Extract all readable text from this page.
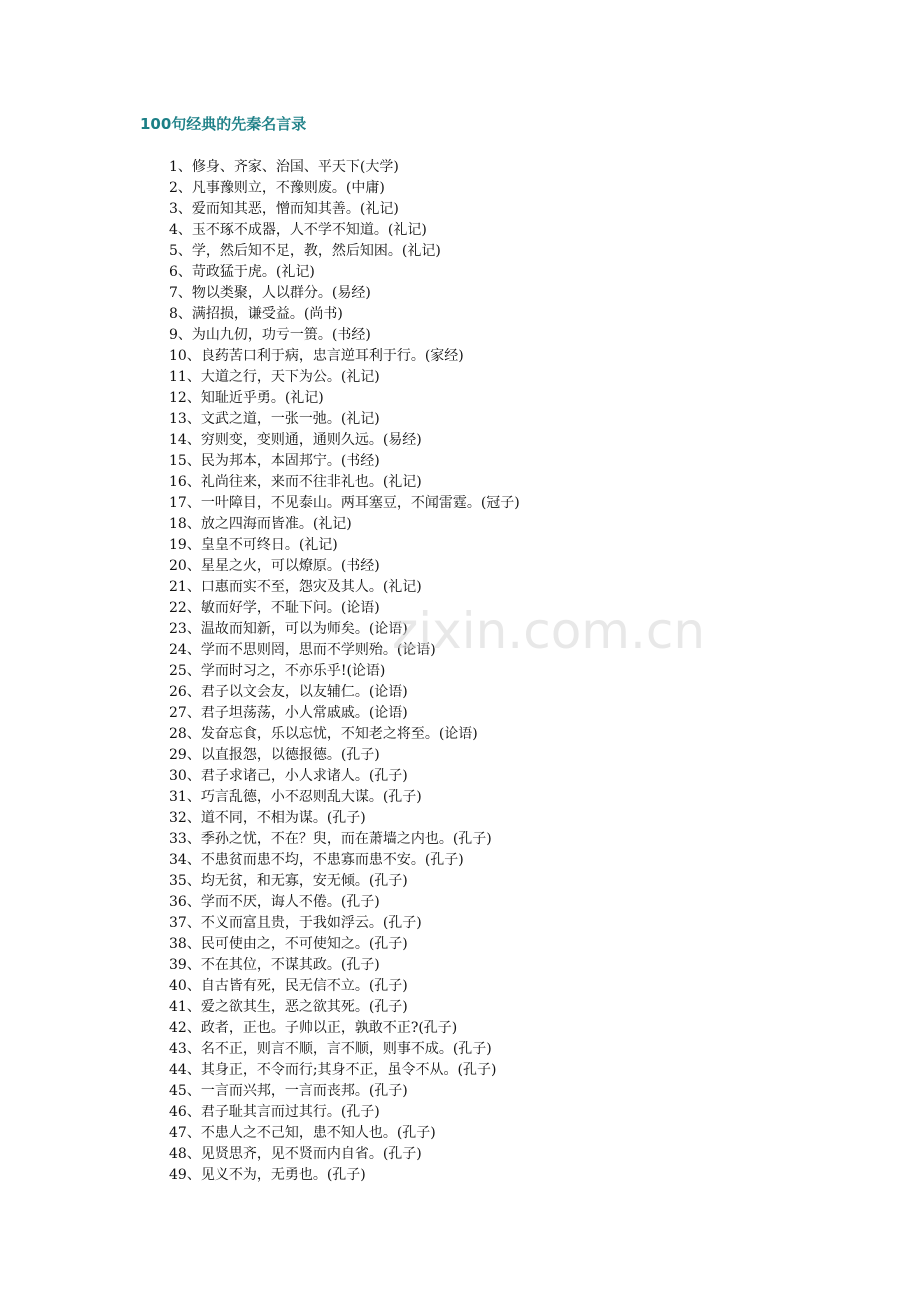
100句经典的先秦名言录
1、修身、齐家、治国、平天下(大学)
2、凡事豫则立，不豫则废。(中庸)
3、爱而知其恶，憎而知其善。(礼记)
4、玉不琢不成器，人不学不知道。(礼记)
5、学，然后知不足，教，然后知困。(礼记)
6、苛政猛于虎。(礼记)
7、物以类聚，人以群分。(易经)
8、满招损，谦受益。(尚书)
9、为山九仞，功亏一篑。(书经)
10、良药苦口利于病，忠言逆耳利于行。(家经)
11、大道之行，天下为公。(礼记)
12、知耻近乎勇。(礼记)
13、文武之道，一张一弛。(礼记)
14、穷则变，变则通，通则久远。(易经)
15、民为邦本，本固邦宁。(书经)
16、礼尚往来，来而不往非礼也。(礼记)
17、一叶障目，不见泰山。两耳塞豆，不闻雷霆。(冠子)
18、放之四海而皆准。(礼记)
19、皇皇不可终日。(礼记)
20、星星之火，可以燎原。(书经)
21、口惠而实不至，怨灾及其人。(礼记)
22、敏而好学，不耻下问。(论语)
23、温故而知新，可以为师矣。(论语)
24、学而不思则罔，思而不学则殆。(论语)
25、学而时习之，不亦乐乎!(论语)
26、君子以文会友，以友辅仁。(论语)
27、君子坦荡荡，小人常戚戚。(论语)
28、发奋忘食，乐以忘忧，不知老之将至。(论语)
29、以直报怨，以德报德。(孔子)
30、君子求诸己，小人求诸人。(孔子)
31、巧言乱德，小不忍则乱大谋。(孔子)
32、道不同，不相为谋。(孔子)
33、季孙之忧，不在？臾，而在萧墙之内也。(孔子)
34、不患贫而患不均，不患寡而患不安。(孔子)
35、均无贫，和无寡，安无倾。(孔子)
36、学而不厌，诲人不倦。(孔子)
37、不义而富且贵，于我如浮云。(孔子)
38、民可使由之，不可使知之。(孔子)
39、不在其位，不谋其政。(孔子)
40、自古皆有死，民无信不立。(孔子)
41、爱之欲其生，恶之欲其死。(孔子)
42、政者，正也。子帅以正，孰敢不正?(孔子)
43、名不正，则言不顺，言不顺，则事不成。(孔子)
44、其身正，不令而行;其身不正，虽令不从。(孔子)
45、一言而兴邦，一言而丧邦。(孔子)
46、君子耻其言而过其行。(孔子)
47、不患人之不己知，患不知人也。(孔子)
48、见贤思齐，见不贤而内自省。(孔子)
49、见义不为，无勇也。(孔子)
zixin.com.cn
